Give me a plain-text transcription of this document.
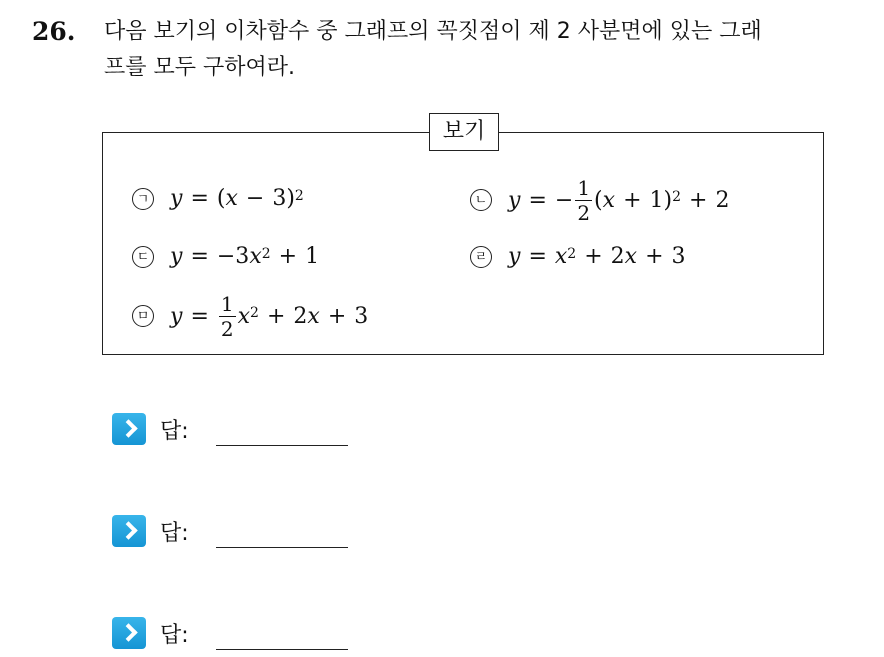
26. 다음 보기의 이차함수 중 그래프의 꼭짓점이 제 2 사분면에 있는 그래
프를 모두 구하여라.
보기
ㄱ y = ( x − 3)$^2$	ㄴ y = − $\frac{1}{2}$ ( x + 1)$^2$ + 2
ㄷ y = −3 $x^2 + 1$	ㄹ $y = x^2 + 2$ x + 3
ㅁ $y = \frac{1}{2} x^2 + 2$ x + 3
답:
답:
답:
